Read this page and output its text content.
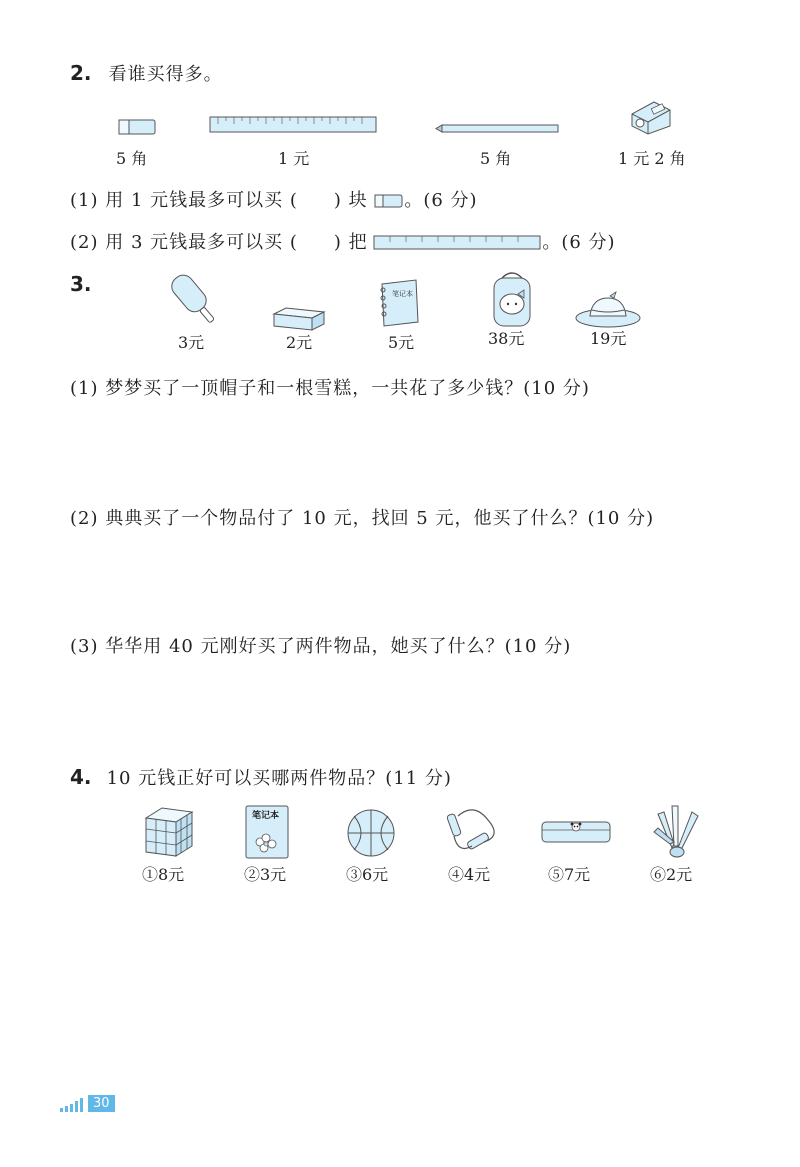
2. 看谁买得多。
5 角	1 元	5 角	1 元 2 角
(1) 用 1 元钱最多可以买 ( ) 块 。(6 分)
(2) 用 3 元钱最多可以买 ( ) 把	。(6 分)
3.	笔记本
3元	2元	5元	38元	19元
(1) 梦梦买了一顶帽子和一根雪糕，一共花了多少钱？(10 分)
(2) 典典买了一个物品付了 10 元，找回 5 元，他买了什么？(10 分)
(3) 华华用 40 元刚好买了两件物品，她买了什么？(10 分)
4. 10 元钱正好可以买哪两件物品？(11 分)
笔记本
①8元	②3元	③6元	④4元	⑤7元	⑥2元
30
